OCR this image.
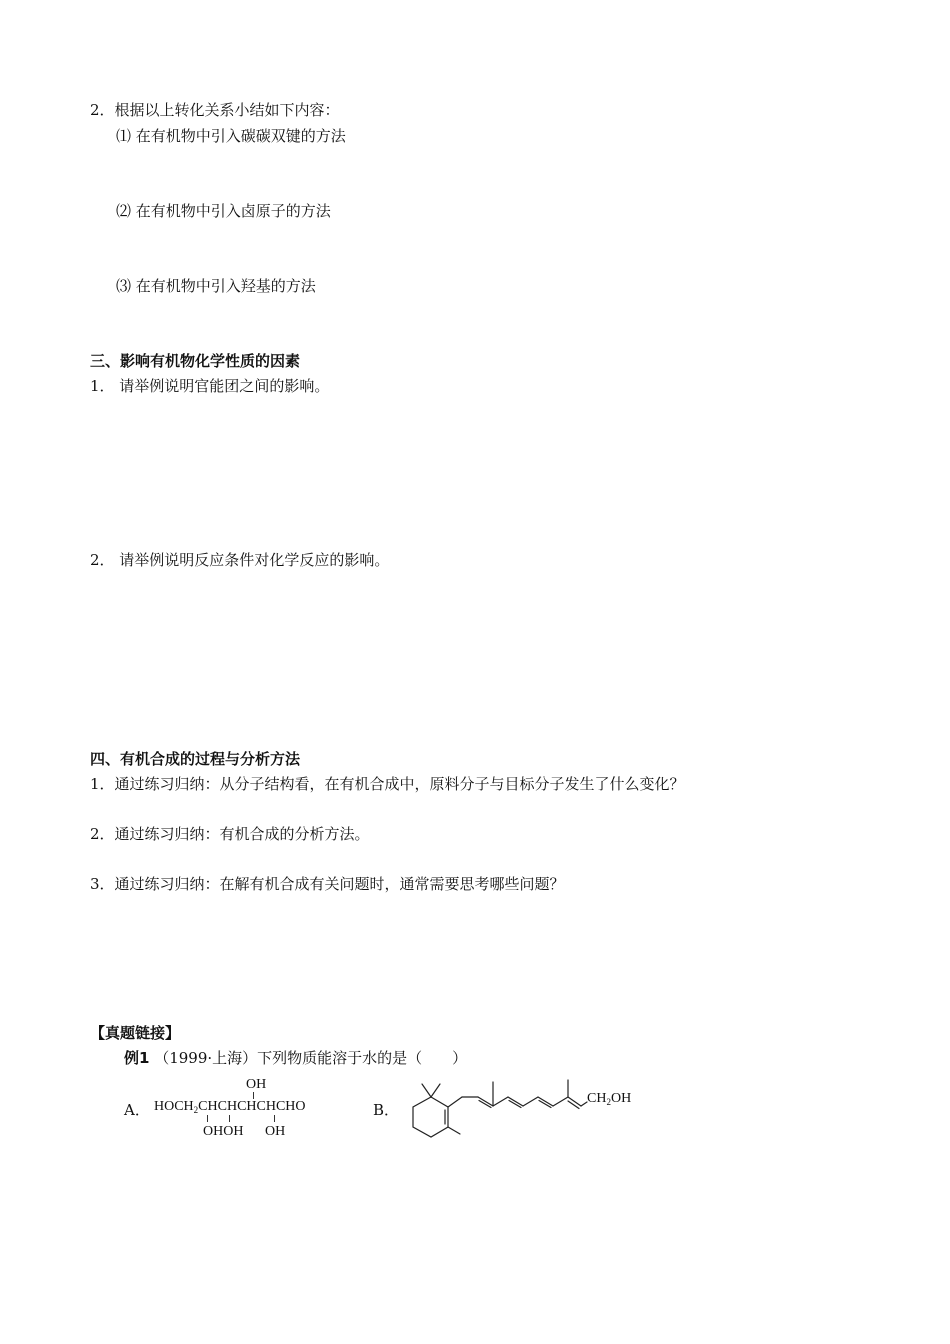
2．根据以上转化关系小结如下内容：
⑴ 在有机物中引入碳碳双键的方法
⑵ 在有机物中引入卤原子的方法
⑶ 在有机物中引入羟基的方法
三、影响有机物化学性质的因素
1． 请举例说明官能团之间的影响。
2． 请举例说明反应条件对化学反应的影响。
四、有机合成的过程与分析方法
1．通过练习归纳：从分子结构看，在有机合成中，原料分子与目标分子发生了什么变化？
2．通过练习归纳：有机合成的分析方法。
3．通过练习归纳：在解有机合成有关问题时，通常需要思考哪些问题？
【真题链接】
例1 （1999·上海）下列物质能溶于水的是（　　）
A．
OH
$HOCH_2CHCHCHCHCHO$
OHOH OH
B．
$CH_2OH$
